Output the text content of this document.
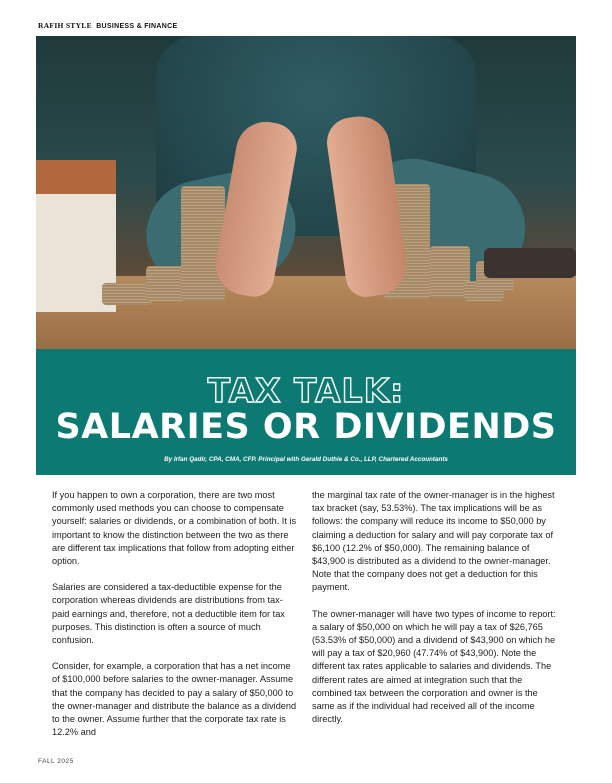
RAFIH STYLE BUSINESS & FINANCE
TAX TALK:
SALARIES OR DIVIDENDS
By Irfan Qadir, CPA, CMA, CFP. Principal with Gerald Duthie & Co., LLP, Chartered Accountants

If you happen to own a corporation, there are two most commonly used methods you can choose to compensate yourself: salaries or dividends, or a combination of both. It is important to know the distinction between the two as there are different tax implications that follow from adopting either option.

Salaries are considered a tax-deductible expense for the corporation whereas dividends are distributions from tax-paid earnings and, therefore, not a deductible item for tax purposes. This distinction is often a source of much confusion.

Consider, for example, a corporation that has a net income of $100,000 before salaries to the owner-manager. Assume that the company has decided to pay a salary of $50,000 to the owner-manager and distribute the balance as a dividend to the owner. Assume further that the corporate tax rate is 12.2% and

the marginal tax rate of the owner-manager is in the highest tax bracket (say, 53.53%). The tax implications will be as follows: the company will reduce its income to $50,000 by claiming a deduction for salary and will pay corporate tax of $6,100 (12.2% of $50,000). The remaining balance of $43,900 is distributed as a dividend to the owner-manager. Note that the company does not get a deduction for this payment.

The owner-manager will have two types of income to report: a salary of $50,000 on which he will pay a tax of $26,765 (53.53% of $50,000) and a dividend of $43,900 on which he will pay a tax of $20,960 (47.74% of $43,900). Note the different tax rates applicable to salaries and dividends. The different rates are aimed at integration such that the combined tax between the corporation and owner is the same as if the individual had received all of the income directly.

FALL 2025
